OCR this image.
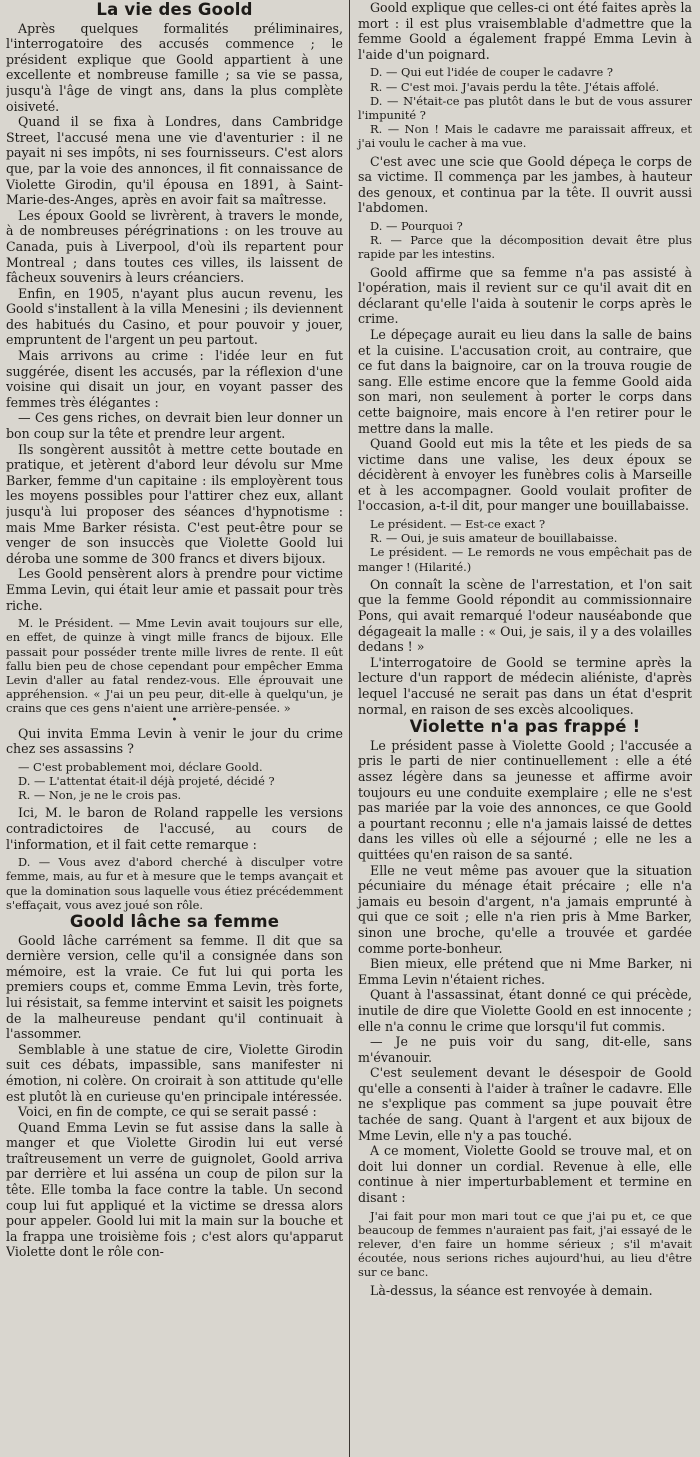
La vie des Goold

Après quelques formalités préliminaires, l'interrogatoire des accusés commence ; le président explique que Goold appartient à une excellente et nombreuse famille ; sa vie se passa, jusqu'à l'âge de vingt ans, dans la plus complète oisiveté.

Quand il se fixa à Londres, dans Cambridge Street, l'accusé mena une vie d'aventurier : il ne payait ni ses impôts, ni ses fournisseurs. C'est alors que, par la voie des annonces, il fit connaissance de Violette Girodin, qu'il épousa en 1891, à Saint-Marie-des-Anges, après en avoir fait sa maîtresse.

Les époux Goold se livrèrent, à travers le monde, à de nombreuses pérégrinations : on les trouve au Canada, puis à Liverpool, d'où ils repartent pour Montreal ; dans toutes ces villes, ils laissent de fâcheux souvenirs à leurs créanciers.

Enfin, en 1905, n'ayant plus aucun revenu, les Goold s'installent à la villa Menesini ; ils deviennent des habitués du Casino, et pour pouvoir y jouer, empruntent de l'argent un peu partout.

Mais arrivons au crime : l'idée leur en fut suggérée, disent les accusés, par la réflexion d'une voisine qui disait un jour, en voyant passer des femmes très élégantes :

— Ces gens riches, on devrait bien leur donner un bon coup sur la tête et prendre leur argent.

Ils songèrent aussitôt à mettre cette boutade en pratique, et jetèrent d'abord leur dévolu sur Mme Barker, femme d'un capitaine : ils employèrent tous les moyens possibles pour l'attirer chez eux, allant jusqu'à lui proposer des séances d'hypnotisme : mais Mme Barker résista. C'est peut-être pour se venger de son insuccès que Violette Goold lui déroba une somme de 300 francs et divers bijoux.

Les Goold pensèrent alors à prendre pour victime Emma Levin, qui était leur amie et passait pour très riche.

M. le Président. — Mme Levin avait toujours sur elle, en effet, de quinze à vingt mille francs de bijoux. Elle passait pour posséder trente mille livres de rente. Il eût fallu bien peu de chose cependant pour empêcher Emma Levin d'aller au fatal rendez-vous. Elle éprouvait une appréhension. « J'ai un peu peur, dit-elle à quelqu'un, je crains que ces gens n'aient une arrière-pensée. »

•

Qui invita Emma Levin à venir le jour du crime chez ses assassins ?

— C'est probablement moi, déclare Goold.

D. — L'attentat était-il déjà projeté, décidé ?

R. — Non, je ne le crois pas.

Ici, M. le baron de Roland rappelle les versions contradictoires de l'accusé, au cours de l'information, et il fait cette remarque :

D. — Vous avez d'abord cherché à disculper votre femme, mais, au fur et à mesure que le temps avançait et que la domination sous laquelle vous étiez précédemment s'effaçait, vous avez joué son rôle.

Goold lâche sa femme

Goold lâche carrément sa femme. Il dit que sa dernière version, celle qu'il a consignée dans son mémoire, est la vraie. Ce fut lui qui porta les premiers coups et, comme Emma Levin, très forte, lui résistait, sa femme intervint et saisit les poignets de la malheureuse pendant qu'il continuait à l'assommer.

Semblable à une statue de cire, Violette Girodin suit ces débats, impassible, sans manifester ni émotion, ni colère. On croirait à son attitude qu'elle est plutôt là en curieuse qu'en principale intéressée.

Voici, en fin de compte, ce qui se serait passé :

Quand Emma Levin se fut assise dans la salle à manger et que Violette Girodin lui eut versé traîtreusement un verre de guignolet, Goold arriva par derrière et lui asséna un coup de pilon sur la tête. Elle tomba la face contre la table. Un second coup lui fut appliqué et la victime se dressa alors pour appeler. Goold lui mit la main sur la bouche et la frappa une troisième fois ; c'est alors qu'apparut Violette dont le rôle con-

Goold explique que celles-ci ont été faites après la mort : il est plus vraisemblable d'admettre que la femme Goold a également frappé Emma Levin à l'aide d'un poignard.

D. — Qui eut l'idée de couper le cadavre ?

R. — C'est moi. J'avais perdu la tête. J'étais affolé.

D. — N'était-ce pas plutôt dans le but de vous assurer l'impunité ?

R. — Non ! Mais le cadavre me paraissait affreux, et j'ai voulu le cacher à ma vue.

C'est avec une scie que Goold dépeça le corps de sa victime. Il commença par les jambes, à hauteur des genoux, et continua par la tête. Il ouvrit aussi l'abdomen.

D. — Pourquoi ?

R. — Parce que la décomposition devait être plus rapide par les intestins.

Goold affirme que sa femme n'a pas assisté à l'opération, mais il revient sur ce qu'il avait dit en déclarant qu'elle l'aida à soutenir le corps après le crime.

Le dépeçage aurait eu lieu dans la salle de bains et la cuisine. L'accusation croit, au contraire, que ce fut dans la baignoire, car on la trouva rougie de sang. Elle estime encore que la femme Goold aida son mari, non seulement à porter le corps dans cette baignoire, mais encore à l'en retirer pour le mettre dans la malle.

Quand Goold eut mis la tête et les pieds de sa victime dans une valise, les deux époux se décidèrent à envoyer les funèbres colis à Marseille et à les accompagner. Goold voulait profiter de l'occasion, a-t-il dit, pour manger une bouillabaisse.

Le président. — Est-ce exact ?

R. — Oui, je suis amateur de bouillabaisse.

Le président. — Le remords ne vous empêchait pas de manger ! (Hilarité.)

On connaît la scène de l'arrestation, et l'on sait que la femme Goold répondit au commissionnaire Pons, qui avait remarqué l'odeur nauséabonde que dégageait la malle : « Oui, je sais, il y a des volailles dedans ! »

L'interrogatoire de Goold se termine après la lecture d'un rapport de médecin aliéniste, d'après lequel l'accusé ne serait pas dans un état d'esprit normal, en raison de ses excès alcooliques.

Violette n'a pas frappé !

Le président passe à Violette Goold ; l'accusée a pris le parti de nier continuellement : elle a été assez légère dans sa jeunesse et affirme avoir toujours eu une conduite exemplaire ; elle ne s'est pas mariée par la voie des annonces, ce que Goold a pourtant reconnu ; elle n'a jamais laissé de dettes dans les villes où elle a séjourné ; elle ne les a quittées qu'en raison de sa santé.

Elle ne veut même pas avouer que la situation pécuniaire du ménage était précaire ; elle n'a jamais eu besoin d'argent, n'a jamais emprunté à qui que ce soit ; elle n'a rien pris à Mme Barker, sinon une broche, qu'elle a trouvée et gardée comme porte-bonheur.

Bien mieux, elle prétend que ni Mme Barker, ni Emma Levin n'étaient riches.

Quant à l'assassinat, étant donné ce qui précède, inutile de dire que Violette Goold en est innocente ; elle n'a connu le crime que lorsqu'il fut commis.

— Je ne puis voir du sang, dit-elle, sans m'évanouir.

C'est seulement devant le désespoir de Goold qu'elle a consenti à l'aider à traîner le cadavre. Elle ne s'explique pas comment sa jupe pouvait être tachée de sang. Quant à l'argent et aux bijoux de Mme Levin, elle n'y a pas touché.

A ce moment, Violette Goold se trouve mal, et on doit lui donner un cordial. Revenue à elle, elle continue à nier imperturbablement et termine en disant :

J'ai fait pour mon mari tout ce que j'ai pu et, ce que beaucoup de femmes n'auraient pas fait, j'ai essayé de le relever, d'en faire un homme sérieux ; s'il m'avait écoutée, nous serions riches aujourd'hui, au lieu d'être sur ce banc.

Là-dessus, la séance est renvoyée à demain.
